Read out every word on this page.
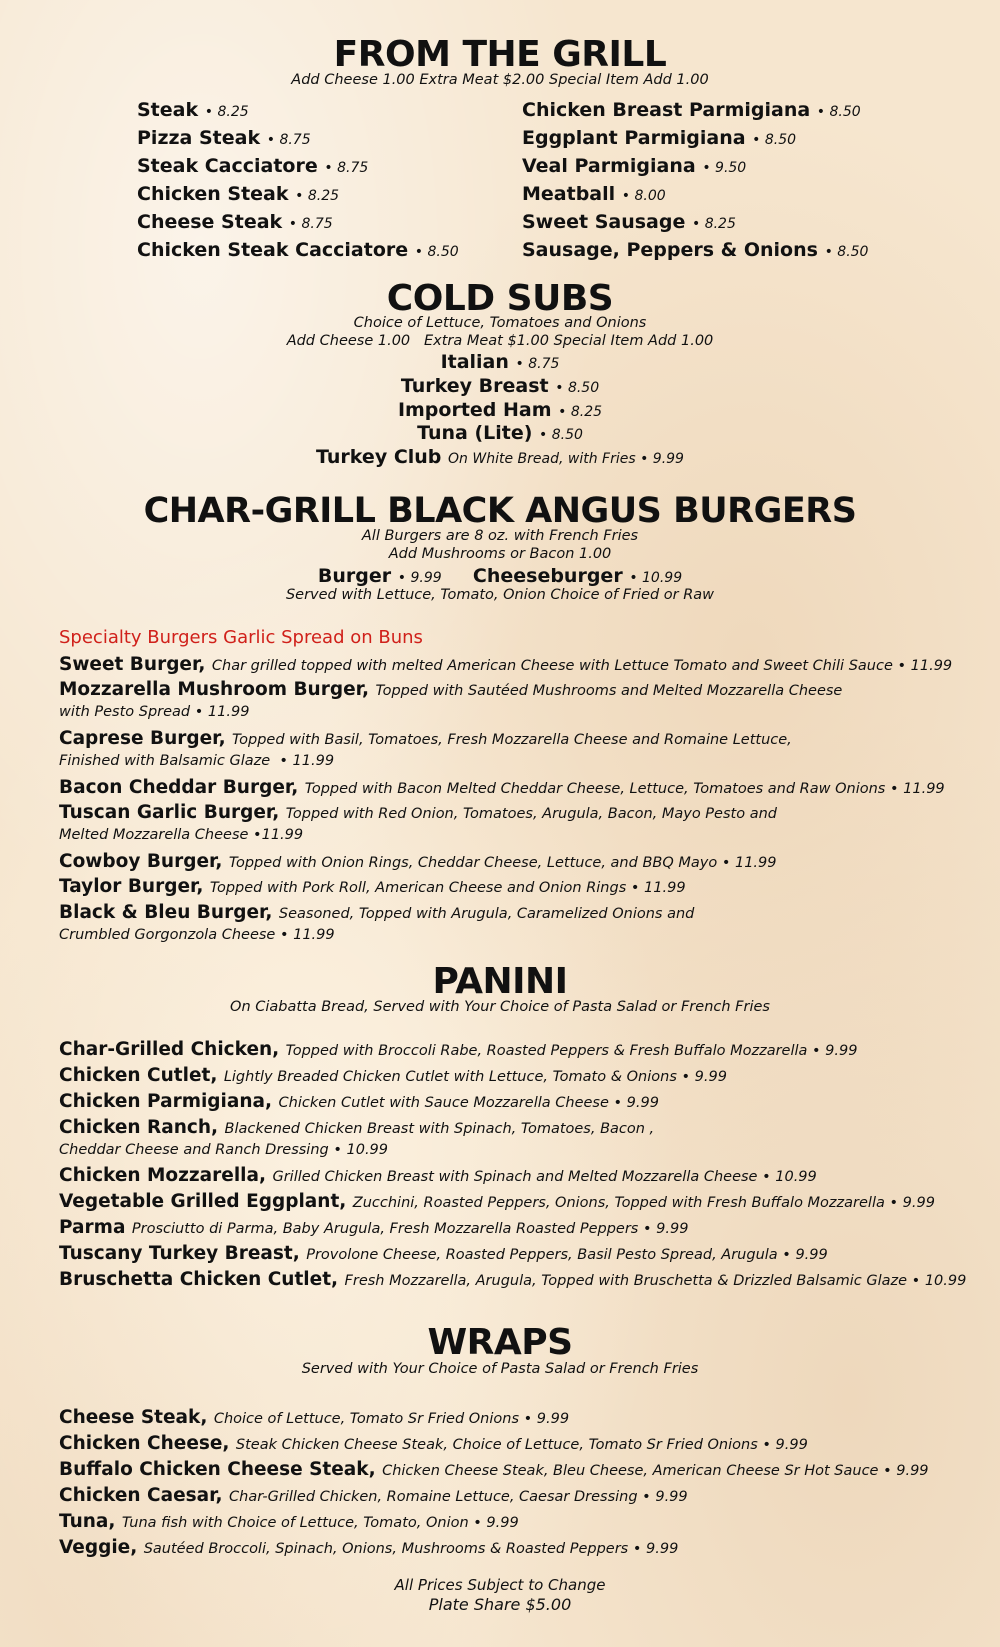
FROM THE GRILL
Add Cheese 1.00 Extra Meat $2.00 Special Item Add 1.00
Steak • 8.25
Pizza Steak • 8.75
Steak Cacciatore • 8.75
Chicken Steak • 8.25
Cheese Steak • 8.75
Chicken Steak Cacciatore • 8.50
Chicken Breast Parmigiana • 8.50
Eggplant Parmigiana • 8.50
Veal Parmigiana • 9.50
Meatball • 8.00
Sweet Sausage • 8.25
Sausage, Peppers & Onions • 8.50
COLD SUBS
Choice of Lettuce, Tomatoes and Onions
Add Cheese 1.00   Extra Meat $1.00 Special Item Add 1.00
Italian • 8.75
Turkey Breast • 8.50
Imported Ham • 8.25
Tuna (Lite) • 8.50
Turkey Club On White Bread, with Fries • 9.99
CHAR-GRILL BLACK ANGUS BURGERS
All Burgers are 8 oz. with French Fries
Add Mushrooms or Bacon 1.00
Burger • 9.99 Cheeseburger • 10.99
Served with Lettuce, Tomato, Onion Choice of Fried or Raw
Specialty Burgers Garlic Spread on Buns
Sweet Burger, Char grilled topped with melted American Cheese with Lettuce Tomato and Sweet Chili Sauce • 11.99
Mozzarella Mushroom Burger, Topped with Sautéed Mushrooms and Melted Mozzarella Cheese
with Pesto Spread • 11.99
Caprese Burger, Topped with Basil, Tomatoes, Fresh Mozzarella Cheese and Romaine Lettuce,
Finished with Balsamic Glaze  • 11.99
Bacon Cheddar Burger, Topped with Bacon Melted Cheddar Cheese, Lettuce, Tomatoes and Raw Onions • 11.99
Tuscan Garlic Burger, Topped with Red Onion, Tomatoes, Arugula, Bacon, Mayo Pesto and
Melted Mozzarella Cheese •11.99
Cowboy Burger, Topped with Onion Rings, Cheddar Cheese, Lettuce, and BBQ Mayo • 11.99
Taylor Burger, Topped with Pork Roll, American Cheese and Onion Rings • 11.99
Black & Bleu Burger, Seasoned, Topped with Arugula, Caramelized Onions and
Crumbled Gorgonzola Cheese • 11.99
PANINI
On Ciabatta Bread, Served with Your Choice of Pasta Salad or French Fries
Char-Grilled Chicken, Topped with Broccoli Rabe, Roasted Peppers & Fresh Buffalo Mozzarella • 9.99
Chicken Cutlet, Lightly Breaded Chicken Cutlet with Lettuce, Tomato & Onions • 9.99
Chicken Parmigiana, Chicken Cutlet with Sauce Mozzarella Cheese • 9.99
Chicken Ranch, Blackened Chicken Breast with Spinach, Tomatoes, Bacon ,
Cheddar Cheese and Ranch Dressing • 10.99
Chicken Mozzarella, Grilled Chicken Breast with Spinach and Melted Mozzarella Cheese • 10.99
Vegetable Grilled Eggplant, Zucchini, Roasted Peppers, Onions, Topped with Fresh Buffalo Mozzarella • 9.99
Parma Prosciutto di Parma, Baby Arugula, Fresh Mozzarella Roasted Peppers • 9.99
Tuscany Turkey Breast, Provolone Cheese, Roasted Peppers, Basil Pesto Spread, Arugula • 9.99
Bruschetta Chicken Cutlet, Fresh Mozzarella, Arugula, Topped with Bruschetta & Drizzled Balsamic Glaze • 10.99
WRAPS
Served with Your Choice of Pasta Salad or French Fries
Cheese Steak, Choice of Lettuce, Tomato Sr Fried Onions • 9.99
Chicken Cheese, Steak Chicken Cheese Steak, Choice of Lettuce, Tomato Sr Fried Onions • 9.99
Buffalo Chicken Cheese Steak, Chicken Cheese Steak, Bleu Cheese, American Cheese Sr Hot Sauce • 9.99
Chicken Caesar, Char-Grilled Chicken, Romaine Lettuce, Caesar Dressing • 9.99
Tuna, Tuna fish with Choice of Lettuce, Tomato, Onion • 9.99
Veggie, Sautéed Broccoli, Spinach, Onions, Mushrooms & Roasted Peppers • 9.99
All Prices Subject to Change
Plate Share $5.00
